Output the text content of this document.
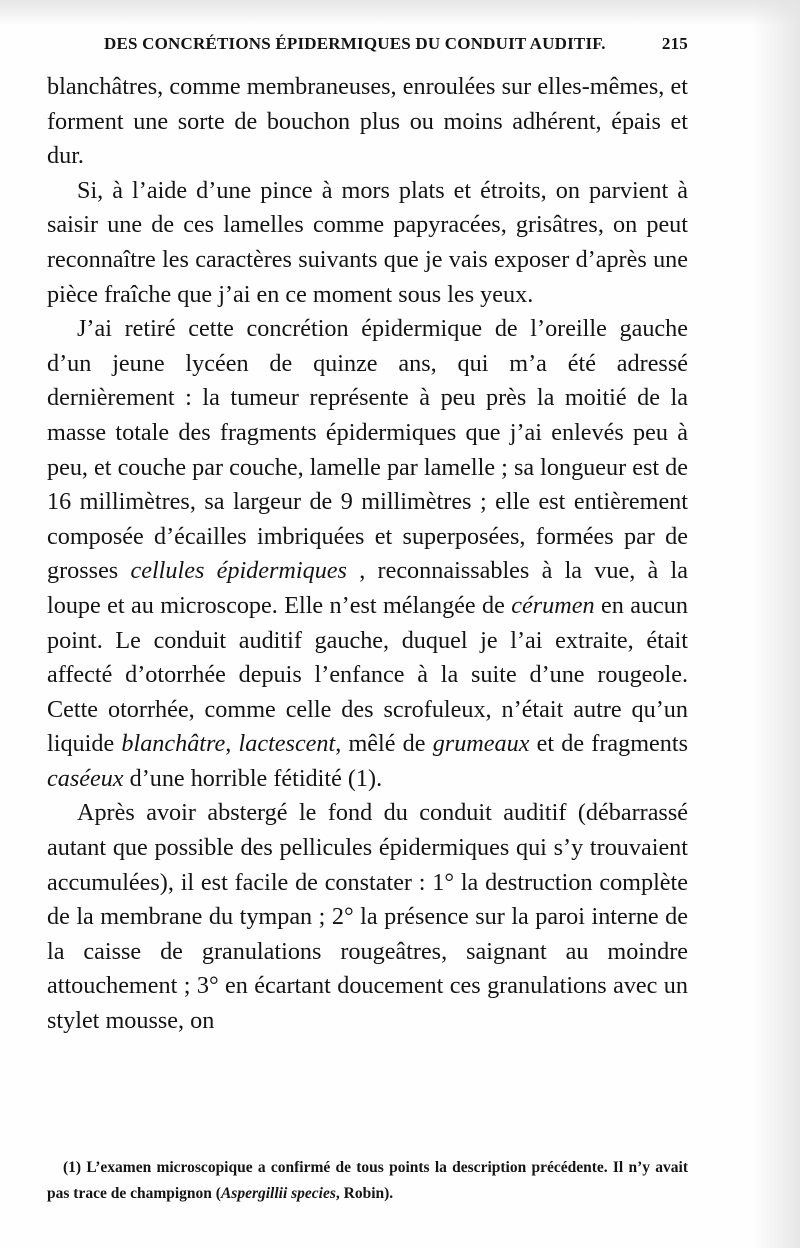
DES CONCRÉTIONS ÉPIDERMIQUES DU CONDUIT AUDITIF.	215

blanchâtres, comme membraneuses, enroulées sur elles-mêmes, et forment une sorte de bouchon plus ou moins adhérent, épais et dur.

Si, à l’aide d’une pince à mors plats et étroits, on parvient à saisir une de ces lamelles comme papyracées, grisâtres, on peut reconnaître les caractères suivants que je vais exposer d’après une pièce fraîche que j’ai en ce moment sous les yeux.

J’ai retiré cette concrétion épidermique de l’oreille gauche d’un jeune lycéen de quinze ans, qui m’a été adressé dernièrement : la tumeur représente à peu près la moitié de la masse totale des fragments épidermiques que j’ai enlevés peu à peu, et couche par couche, lamelle par lamelle ; sa longueur est de 16 millimètres, sa largeur de 9 millimètres ; elle est entièrement composée d’écailles imbriquées et superposées, formées par de grosses cellules épidermiques , reconnaissables à la vue, à la loupe et au microscope. Elle n’est mélangée de cérumen en aucun point. Le conduit auditif gauche, duquel je l’ai extraite, était affecté d’otorrhée depuis l’enfance à la suite d’une rougeole. Cette otorrhée, comme celle des scrofuleux, n’était autre qu’un liquide blanchâtre, lactescent, mêlé de grumeaux et de fragments caséeux d’une horrible fétidité (1).

Après avoir abstergé le fond du conduit auditif (débarrassé autant que possible des pellicules épidermiques qui s’y trouvaient accumulées), il est facile de constater : 1° la destruction complète de la membrane du tympan ; 2° la présence sur la paroi interne de la caisse de granulations rougeâtres, saignant au moindre attouchement ; 3° en écartant doucement ces granulations avec un stylet mousse, on

(1) L’examen microscopique a confirmé de tous points la description précédente. Il n’y avait pas trace de champignon (Aspergillii species, Robin).
